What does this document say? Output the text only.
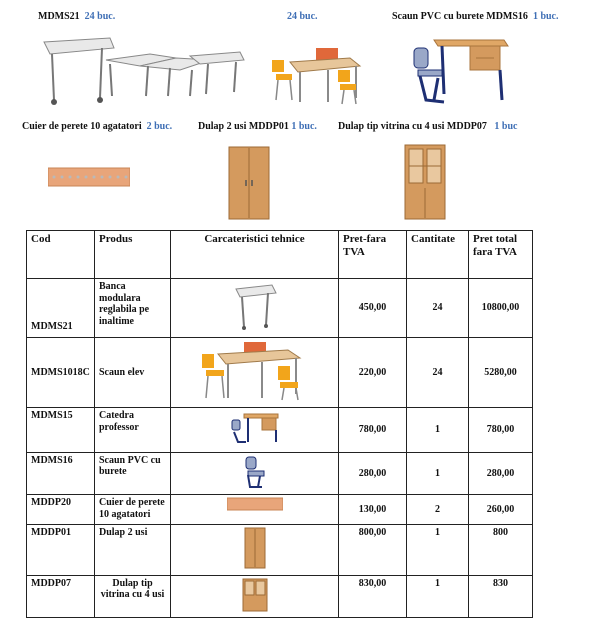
MDMS21 24 buc.	24 buc.	Scaun PVC cu burete MDMS16 1 buc.
Cuier de perete 10 agatatori 2 buc.	Dulap 2 usi MDDP01 1 buc. Dulap tip vitrina cu 4 usi MDDP07 1 buc
Cod	Produs	Carcateristici tehnice	Pret-fara TVA	Cantitate	Pret total fara TVA
MDMS21	Banca modulara reglabila pe inaltime		450,00	24	10800,00
MDMS1018C	Scaun elev		220,00	24	5280,00
MDMS15	Catedra professor		780,00	1	780,00
MDMS16	Scaun PVC cu burete		280,00	1	280,00
MDDP20	Cuier de perete 10 agatatori		130,00	2	260,00
MDDP01	Dulap 2 usi		800,00	1	800
MDDP07	Dulap tip vitrina cu 4 usi		830,00	1	830
